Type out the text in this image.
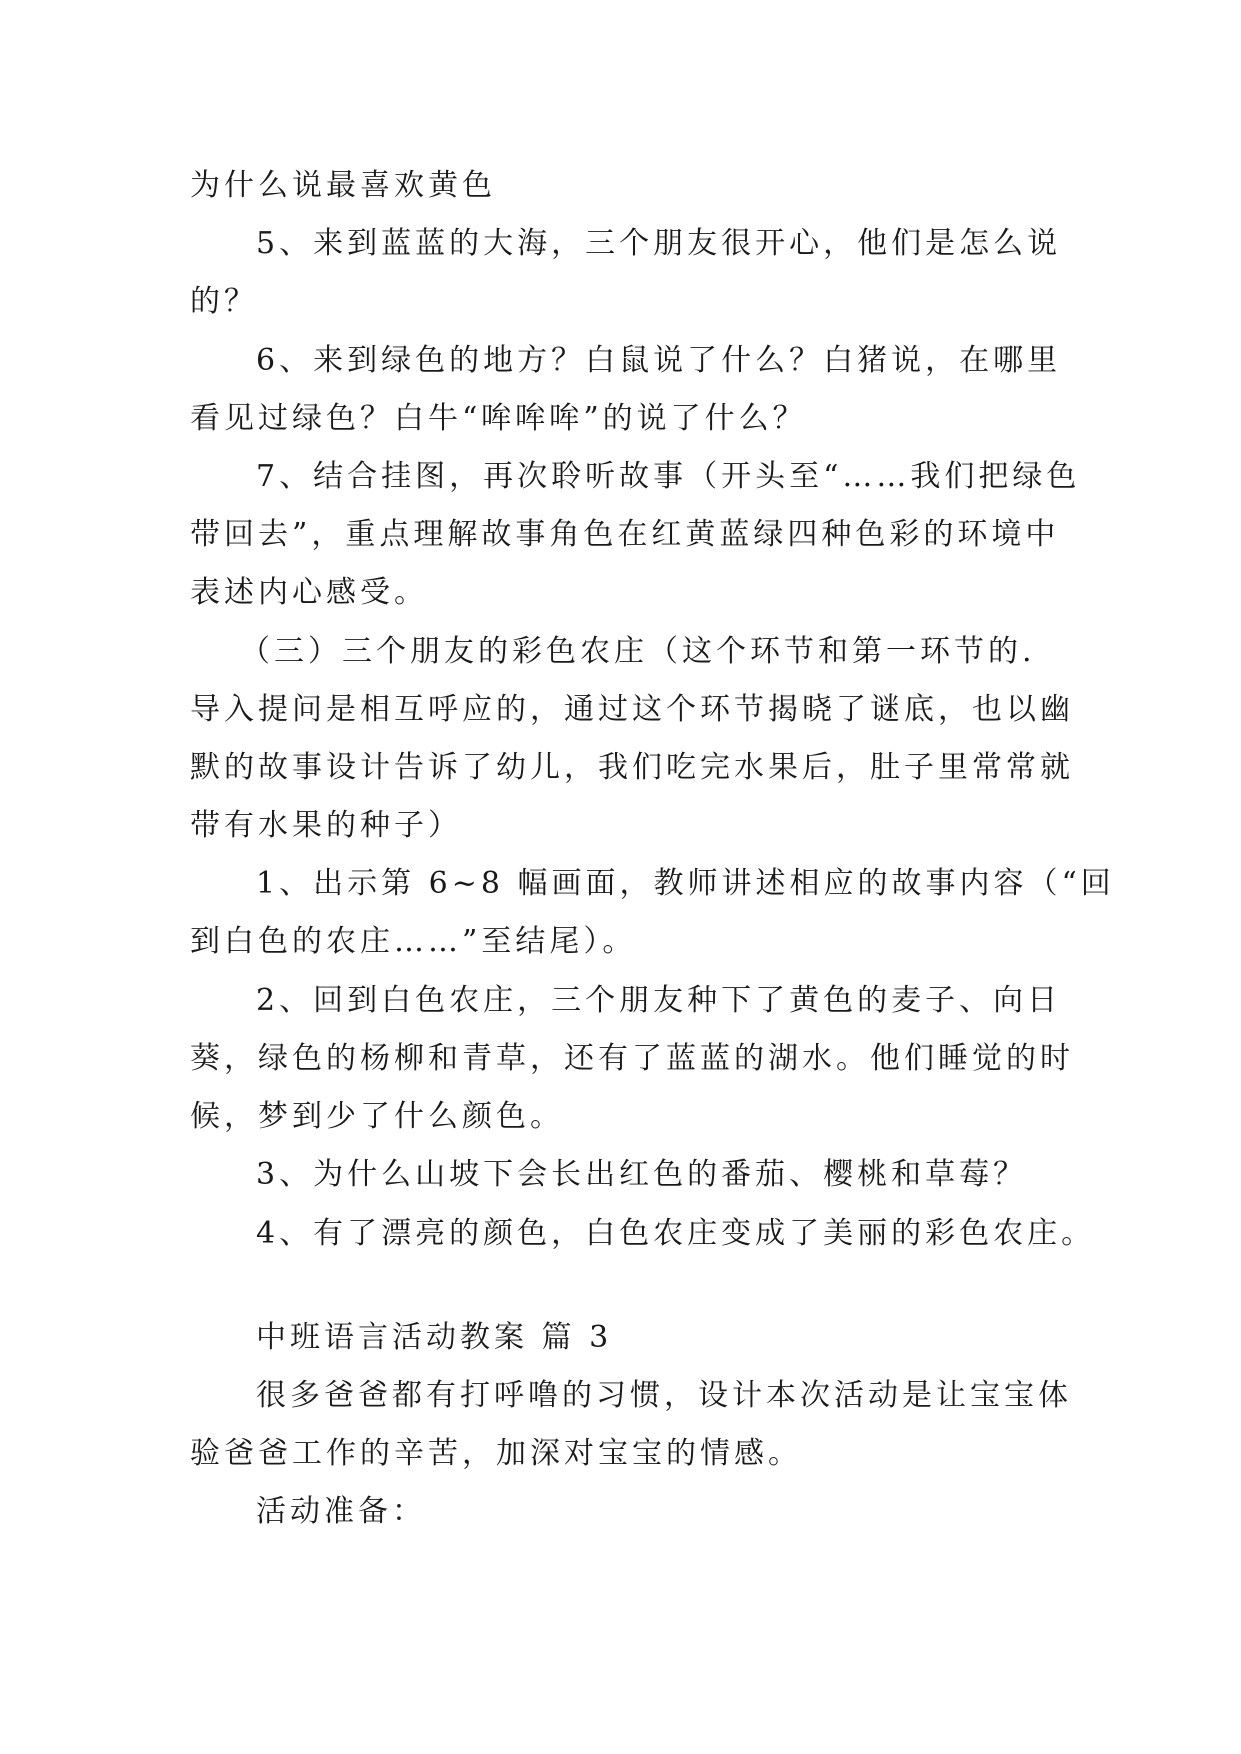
为什么说最喜欢黄色
5、来到蓝蓝的大海，三个朋友很开心，他们是怎么说
的？
6、来到绿色的地方？白鼠说了什么？白猪说，在哪里
看见过绿色？白牛“哞哞哞”的说了什么？
7、结合挂图，再次聆听故事（开头至“……我们把绿色
带回去”，重点理解故事角色在红黄蓝绿四种色彩的环境中
表述内心感受。
（三）三个朋友的彩色农庄（这个环节和第一环节的.
导入提问是相互呼应的，通过这个环节揭晓了谜底，也以幽
默的故事设计告诉了幼儿，我们吃完水果后，肚子里常常就
带有水果的种子）
1、出示第 6~8 幅画面，教师讲述相应的故事内容（“回
到白色的农庄……”至结尾）。
2、回到白色农庄，三个朋友种下了黄色的麦子、向日
葵，绿色的杨柳和青草，还有了蓝蓝的湖水。他们睡觉的时
候，梦到少了什么颜色。
3、为什么山坡下会长出红色的番茄、樱桃和草莓？
4、有了漂亮的颜色，白色农庄变成了美丽的彩色农庄。
中班语言活动教案 篇 3
很多爸爸都有打呼噜的习惯，设计本次活动是让宝宝体
验爸爸工作的辛苦，加深对宝宝的情感。
活动准备：
